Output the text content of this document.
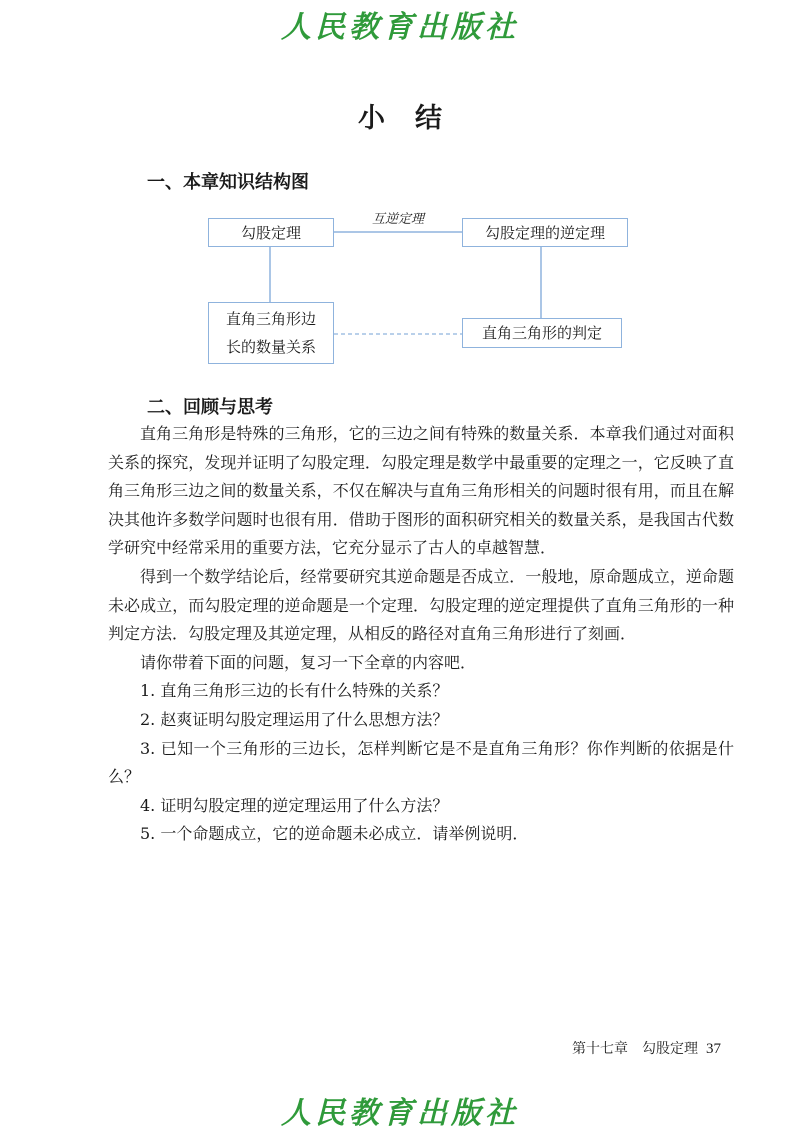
人民教育出版社
小结
一、本章知识结构图
勾股定理	勾股定理的逆定理
直角三角形边长的数量关系
直角三角形的判定
互逆定理
二、回顾与思考

直角三角形是特殊的三角形，它的三边之间有特殊的数量关系．本章我们通过对面积关系的探究，发现并证明了勾股定理．勾股定理是数学中最重要的定理之一，它反映了直角三角形三边之间的数量关系，不仅在解决与直角三角形相关的问题时很有用，而且在解决其他许多数学问题时也很有用．借助于图形的面积研究相关的数量关系，是我国古代数学研究中经常采用的重要方法，它充分显示了古人的卓越智慧．

得到一个数学结论后，经常要研究其逆命题是否成立．一般地，原命题成立，逆命题未必成立，而勾股定理的逆命题是一个定理．勾股定理的逆定理提供了直角三角形的一种判定方法．勾股定理及其逆定理，从相反的路径对直角三角形进行了刻画．

请你带着下面的问题，复习一下全章的内容吧．

1. 直角三角形三边的长有什么特殊的关系？

2. 赵爽证明勾股定理运用了什么思想方法？

3. 已知一个三角形的三边长，怎样判断它是不是直角三角形？你作判断的依据是什么？

4. 证明勾股定理的逆定理运用了什么方法？

5. 一个命题成立，它的逆命题未必成立．请举例说明．

第十七章　勾股定理 37
人民教育出版社
